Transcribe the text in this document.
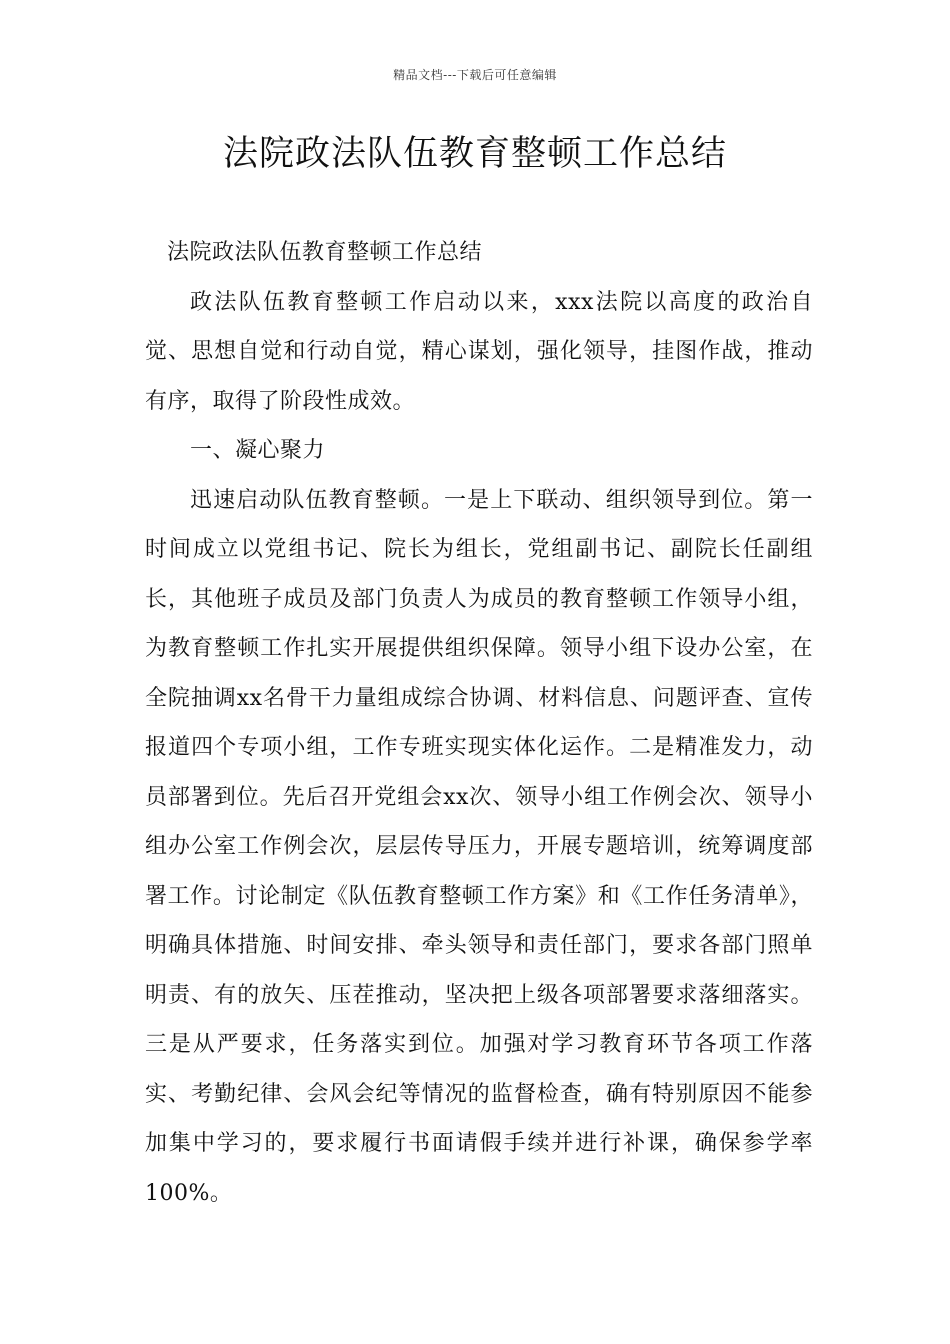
精品文档---下载后可任意编辑
法院政法队伍教育整顿工作总结

法院政法队伍教育整顿工作总结

政法队伍教育整顿工作启动以来，xxx法院以高度的政治自觉、思想自觉和行动自觉，精心谋划，强化领导，挂图作战，推动有序，取得了阶段性成效。

一、凝心聚力

迅速启动队伍教育整顿。一是上下联动、组织领导到位。第一时间成立以党组书记、院长为组长，党组副书记、副院长任副组长，其他班子成员及部门负责人为成员的教育整顿工作领导小组，为教育整顿工作扎实开展提供组织保障。领导小组下设办公室，在全院抽调xx名骨干力量组成综合协调、材料信息、问题评查、宣传报道四个专项小组，工作专班实现实体化运作。二是精准发力，动员部署到位。先后召开党组会xx次、领导小组工作例会次、领导小组办公室工作例会次，层层传导压力，开展专题培训，统筹调度部署工作。讨论制定《队伍教育整顿工作方案》和《工作任务清单》，明确具体措施、时间安排、牵头领导和责任部门，要求各部门照单明责、有的放矢、压茬推动，坚决把上级各项部署要求落细落实。三是从严要求，任务落实到位。加强对学习教育环节各项工作落实、考勤纪律、会风会纪等情况的监督检查，确有特别原因不能参加集中学习的，要求履行书面请假手续并进行补课，确保参学率100%。
